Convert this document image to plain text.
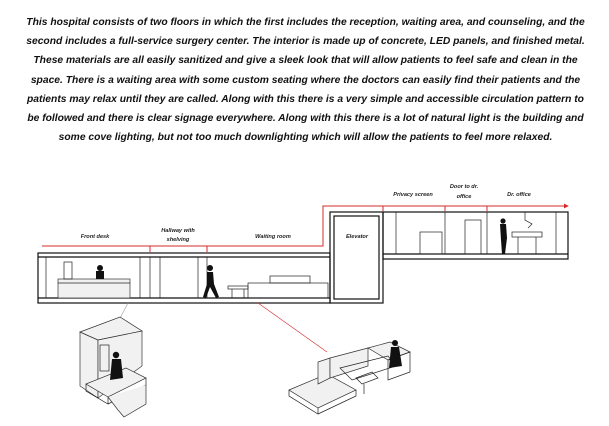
This hospital consists of two floors in which the first includes the reception, waiting area, and counseling, and the
second includes a full-service surgery center. The interior is made up of concrete, LED panels, and finished metal.
These materials are all easily sanitized and give a sleek look that will allow patients to feel safe and clean in the
space. There is a waiting area with some custom seating where the doctors can easily find their patients and the
patients may relax until they are called. Along with this there is a very simple and accessible circulation pattern to
be followed and there is clear signage everywhere. Along with this there is a lot of natural light is the building and
some cove lighting, but not too much downlighting which will allow the patients to feel more relaxed.
Front desk
Hallway with
shelving	Waiting room	Elevator
Privacy screen
Door to dr.
office	Dr. office
